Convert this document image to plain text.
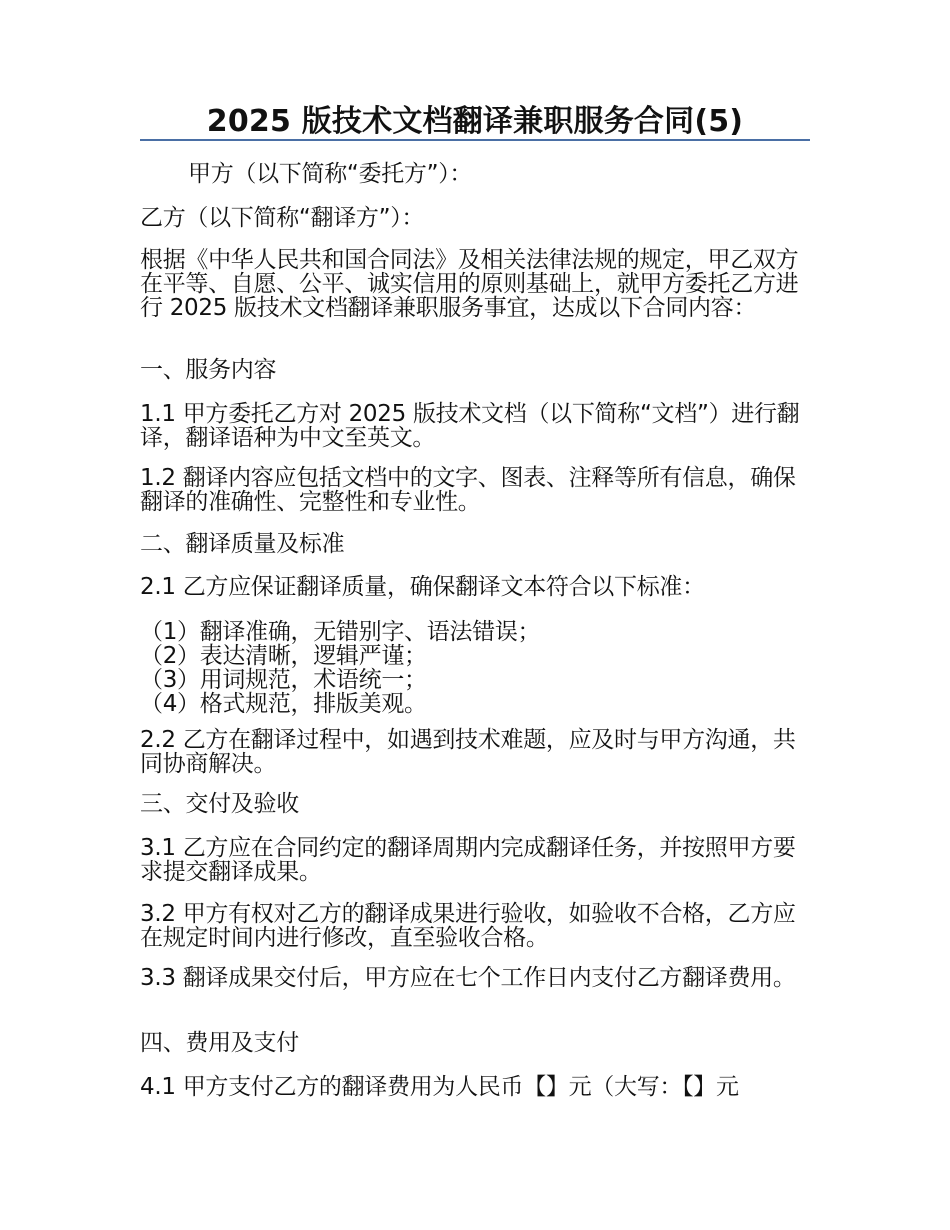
2025 版技术文档翻译兼职服务合同(5)

甲方（以下简称“委托方”）：

乙方（以下简称“翻译方”）：

根据《中华人民共和国合同法》及相关法律法规的规定，甲乙双方在平等、自愿、公平、诚实信用的原则基础上，就甲方委托乙方进行 2025 版技术文档翻译兼职服务事宜，达成以下合同内容：

一、服务内容

1.1 甲方委托乙方对 2025 版技术文档（以下简称“文档”）进行翻译，翻译语种为中文至英文。

1.2 翻译内容应包括文档中的文字、图表、注释等所有信息，确保翻译的准确性、完整性和专业性。

二、翻译质量及标准

2.1 乙方应保证翻译质量，确保翻译文本符合以下标准：

（1）翻译准确，无错别字、语法错误；
（2）表达清晰，逻辑严谨；
（3）用词规范，术语统一；
（4）格式规范，排版美观。

2.2 乙方在翻译过程中，如遇到技术难题，应及时与甲方沟通，共同协商解决。

三、交付及验收

3.1 乙方应在合同约定的翻译周期内完成翻译任务，并按照甲方要求提交翻译成果。

3.2 甲方有权对乙方的翻译成果进行验收，如验收不合格，乙方应在规定时间内进行修改，直至验收合格。

3.3 翻译成果交付后，甲方应在七个工作日内支付乙方翻译费用。

四、费用及支付

4.1 甲方支付乙方的翻译费用为人民币【】元（大写：【】元
